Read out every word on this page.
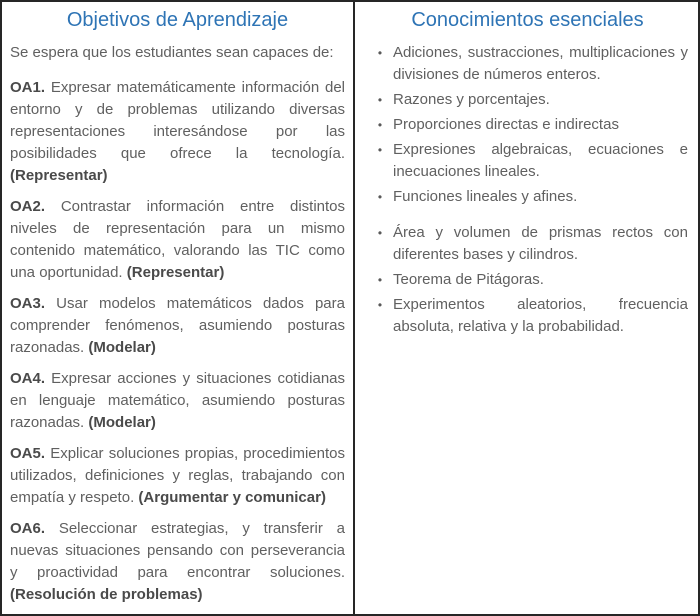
Objetivos de Aprendizaje

Se espera que los estudiantes sean capaces de:

OA1. Expresar matemáticamente información del entorno y de problemas utilizando diversas representaciones interesándose por las posibilidades que ofrece la tecnología. (Representar)

OA2. Contrastar información entre distintos niveles de representación para un mismo contenido matemático, valorando las TIC como una oportunidad. (Representar)

OA3. Usar modelos matemáticos dados para comprender fenómenos, asumiendo posturas razonadas. (Modelar)

OA4. Expresar acciones y situaciones cotidianas en lenguaje matemático, asumiendo posturas razonadas. (Modelar)

OA5. Explicar soluciones propias, procedimientos utilizados, definiciones y reglas, trabajando con empatía y respeto. (Argumentar y comunicar)

OA6. Seleccionar estrategias, y transferir a nuevas situaciones pensando con perseverancia y proactividad para encontrar soluciones. (Resolución de problemas)

Conocimientos esenciales
• Adiciones, sustracciones, multiplicaciones y divisiones de números enteros.
• Razones y porcentajes.
• Proporciones directas e indirectas
• Expresiones algebraicas, ecuaciones e inecuaciones lineales.
• Funciones lineales y afines.
• Área y volumen de prismas rectos con diferentes bases y cilindros.
• Teorema de Pitágoras.
• Experimentos aleatorios, frecuencia absoluta, relativa y la probabilidad.
